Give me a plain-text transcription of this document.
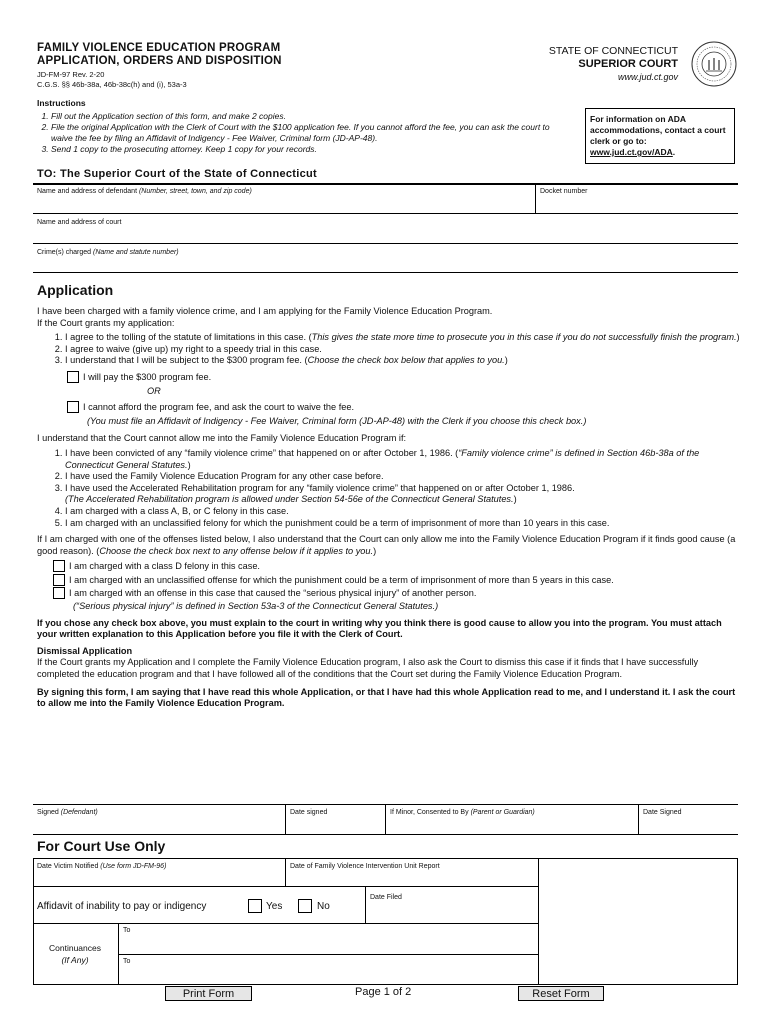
FAMILY VIOLENCE EDUCATION PROGRAM
APPLICATION, ORDERS AND DISPOSITION
JD-FM-97 Rev. 2-20
C.G.S. §§ 46b-38a, 46b-38c(h) and (i), 53a-3
STATE OF CONNECTICUT
SUPERIOR COURT
www.jud.ct.gov
Instructions
1. Fill out the Application section of this form, and make 2 copies.
2. File the original Application with the Clerk of Court with the $100 application fee. If you cannot afford the fee, you can ask the court to waive the fee by filing an Affidavit of Indigency - Fee Waiver, Criminal form (JD-AP-48).
3. Send 1 copy to the prosecuting attorney. Keep 1 copy for your records.
For information on ADA accommodations, contact a court clerk or go to: www.jud.ct.gov/ADA.
TO: The Superior Court of the State of Connecticut
Name and address of defendant (Number, street, town, and zip code)	Docket number
Name and address of court
Crime(s) charged (Name and statute number)
Application

I have been charged with a family violence crime, and I am applying for the Family Violence Education Program.

If the Court grants my application:

1. I agree to the tolling of the statute of limitations in this case. (This gives the state more time to prosecute you in this case if you do not successfully finish the program.)
2. I agree to waive (give up) my right to a speedy trial in this case.
3. I understand that I will be subject to the $300 program fee. (Choose the check box below that applies to you.)
I will pay the $300 program fee.
OR
I cannot afford the program fee, and ask the court to waive the fee.
(You must file an Affidavit of Indigency - Fee Waiver, Criminal form (JD-AP-48) with the Clerk if you choose this check box.)

I understand that the Court cannot allow me into the Family Violence Education Program if:

1. I have been convicted of any “family violence crime” that happened on or after October 1, 1986. (“Family violence crime” is defined in Section 46b-38a of the Connecticut General Statutes.)
2. I have used the Family Violence Education Program for any other case before.
3. I have used the Accelerated Rehabilitation program for any “family violence crime” that happened on or after October 1, 1986.
(The Accelerated Rehabilitation program is allowed under Section 54-56e of the Connecticut General Statutes.)
4. I am charged with a class A, B, or C felony in this case.
5. I am charged with an unclassified felony for which the punishment could be a term of imprisonment of more than 10 years in this case.

If I am charged with one of the offenses listed below, I also understand that the Court can only allow me into the Family Violence Education Program if it finds good cause (a good reason). (Choose the check box next to any offense below if it applies to you.)

I am charged with a class D felony in this case.
I am charged with an unclassified offense for which the punishment could be a term of imprisonment of more than 5 years in this case.
I am charged with an offense in this case that caused the “serious physical injury” of another person.
(“Serious physical injury” is defined in Section 53a-3 of the Connecticut General Statutes.)

If you chose any check box above, you must explain to the court in writing why you think there is good cause to allow you into the program. You must attach your written explanation to this Application before you file it with the Clerk of Court.

Dismissal Application

If the Court grants my Application and I complete the Family Violence Education program, I also ask the Court to dismiss this case if it finds that I have successfully completed the education program and that I have followed all of the conditions that the Court set during the Family Violence Education Program.

By signing this form, I am saying that I have read this whole Application, or that I have had this whole Application read to me, and I understand it. I ask the court to allow me into the Family Violence Education Program.

Signed (Defendant)	Date signed	If Minor, Consented to By (Parent or Guardian)	Date Signed
For Court Use Only
Date Victim Notified (Use form JD-FM-96)	Date of Family Violence Intervention Unit Report
Affidavit of inability to pay or indigency	Yes	No
Date Filed
Continuances
(If Any)
To
To
Print Form	Page 1 of 2	Reset Form
